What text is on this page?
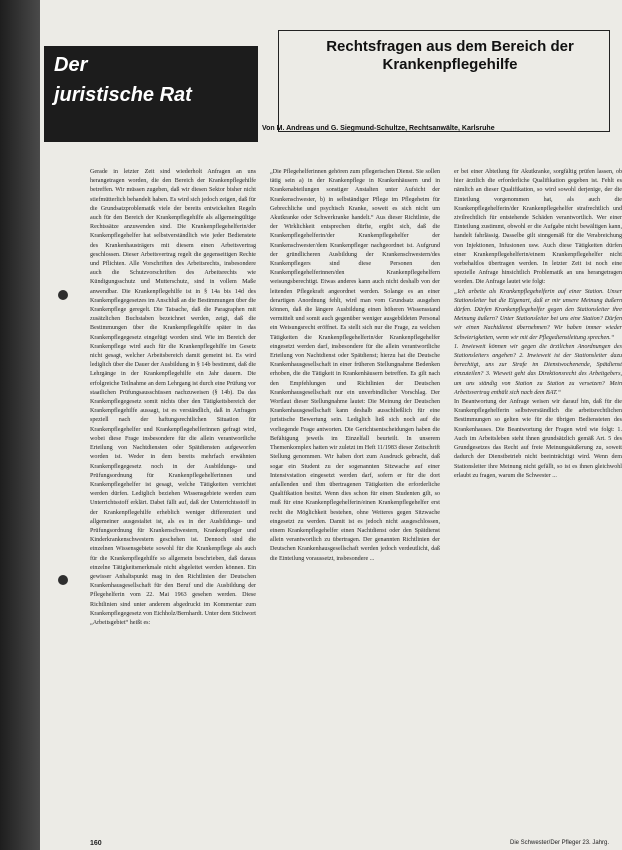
Der
juristische Rat
Rechtsfragen aus dem Bereich der Krankenpflegehilfe
Von M. Andreas und G. Siegmund-Schultze, Rechtsanwälte, Karlsruhe

Gerade in letzter Zeit sind wiederholt Anfragen an uns herangetragen worden, die den Bereich der Krankenpflegehilfe betreffen. Wir müssen zugeben, daß wir diesen Sektor bisher nicht stiefmütterlich behandelt haben. Es wird sich jedoch zeigen, daß für die Grundsatzproblematik viele der bereits entwickelten Regeln auch für den Bereich der Krankenpflegehilfe als allgemeingültige Rechtssätze anzuwenden sind. Die Krankenpflegehelferin/der Krankenpflegehelfer hat selbstverständlich wie jeder Bedienstete des Krankenhausträgers mit diesem einen Arbeitsvertrag geschlossen. Dieser Arbeitsvertrag regelt die gegenseitigen Rechte und Pflichten. Alle Vorschriften des Arbeitsrechts, insbesondere auch die Schutzvorschriften des Arbeitsrechts wie Kündigungsschutz und Mutterschutz, sind in vollem Maße anwendbar. Die Krankenpflegehilfe ist in § 14a bis 14d des Krankenpflegegesetzes im Anschluß an die Bestimmungen über die Krankenpflege geregelt. Die Tatsache, daß die Paragraphen mit zusätzlichen Buchstaben bezeichnet werden, zeigt, daß die Bestimmungen über die Krankenpflegehilfe später in das Krankenpflegegesetz eingefügt worden sind. Wie im Bereich der Krankenpflege wird auch für die Krankenpflegehilfe im Gesetz nicht gesagt, welcher Arbeitsbereich damit gemeint ist. Es wird lediglich über die Dauer der Ausbildung in § 14b bestimmt, daß die Lehrgänge in der Krankenpflegehilfe ein Jahr dauern. Die erfolgreiche Teilnahme an dem Lehrgang ist durch eine Prüfung vor staatlichen Prüfungsausschüssen nachzuweisen (§ 14b). Da das Krankenpflegegesetz somit nichts über den Tätigkeitsbereich der Krankenpflegehilfe aussagt, ist es verständlich, daß in Anfragen speziell nach der haftungsrechtlichen Situation für Krankenpflegehelfer und Krankenpflegehelferinnen gefragt wird, wobei diese Frage insbesondere für die allein verantwortliche Erteilung von Nachtdiensten oder Spätdiensten aufgeworfen worden ist. Weder in dem bereits mehrfach erwähnten Krankenpflegegesetz noch in der Ausbildungs- und Prüfungsordnung für Krankenpflegehelferinnen und Krankenpflegehelfer ist gesagt, welche Tätigkeiten verrichtet werden dürfen. Lediglich beziehen Wissensgebiete werden zum Unterrichtsstoff erklärt. Dabei fällt auf, daß der Unterrichtsstoff in der Krankenpflegehilfe erheblich weniger differenziert und allgemeiner ausgestaltet ist, als es in der Ausbildungs- und Prüfungsordnung für Krankenschwestern, Krankenpfleger und Kinderkrankenschwestern geschehen ist. Dennoch sind die einzelnen Wissensgebiete sowohl für die Krankenpflege als auch für die Krankenpflegehilfe so allgemein beschrieben, daß daraus einzelne Tätigkeitsmerkmale nicht abgeleitet werden können. Ein gewisser Anhaltspunkt mag in den Richtlinien der Deutschen Krankenhausgesellschaft für den Beruf und die Ausbildung der Pflegehelferin vom 22. Mai 1963 gesehen werden. Diese Richtlinien sind unter anderem abgedruckt im Kommentar zum Krankenpflegegesetz von Eichholz/Bernhardt. Unter dem Stichwort „Arbeitsgebiet“ heißt es:

„Die Pflegehelferinnen gehören zum pflegerischen Dienst. Sie sollen tätig sein a) in der Krankenpflege in Krankenhäusern und in Krankenabteilungen sonstiger Anstalten unter Aufsicht der Krankenschwester, b) in selbständiger Pflege im Pflegeheim für Gebrechliche und psychisch Kranke, soweit es sich nicht um Akutkranke oder Schwerkranke handelt.“ Aus dieser Richtlinie, die der Wirklichkeit entsprechen dürfte, ergibt sich, daß die Krankenpflegehelferin/der Krankenpflegehelfer der Krankenschwester/dem Krankenpfleger nachgeordnet ist. Aufgrund der gründlicheren Ausbildung der Krankenschwestern/des Krankenpflegers sind diese Personen den Krankenpflegehelferinnen/den Krankenpflegehelfern weisungsberechtigt. Etwas anderes kann auch nicht deshalb von der leitenden Pflegekraft angeordnet werden. Solange es an einer derartigen Anordnung fehlt, wird man vom Grundsatz ausgehen können, daß die längere Ausbildung einen höheren Wissensstand vermittelt und somit auch gegenüber weniger ausgebildeten Personal ein Weisungsrecht eröffnet. Es stellt sich nur die Frage, zu welchen Tätigkeiten die Krankenpflegehelferin/der Krankenpflegehelfer eingesetzt werden darf, insbesondere für die allein verantwortliche Erteilung von Nachtdienst oder Spätdienst; hierzu hat die Deutsche Krankenhausgesellschaft in einer früheren Stellungnahme Bedenken erhoben, die die Tätigkeit in Krankenhäusern betreffen. Es gilt nach den Empfehlungen und Richtlinien der Deutschen Krankenhausgesellschaft nur ein unverbindlicher Vorschlag. Der Wortlaut dieser Stellungnahme lautet: Die Meinung der Deutschen Krankenhausgesellschaft kann deshalb ausschließlich für eine juristische Bewertung sein. Lediglich ließ sich noch auf die vorliegende Frage antworten. Die Gerichtsentscheidungen haben die Befähigung jeweils im Einzelfall beurteilt. In unserem Themenkomplex hatten wir zuletzt im Heft 11/1983 dieser Zeitschrift Stellung genommen. Wir haben dort zum Ausdruck gebracht, daß sogar ein Student zu der sogenannten Sitzwache auf einer Intensivstation eingesetzt werden darf, sofern er für die dort anfallenden und ihm übertragenen Tätigkeiten die erforderliche Qualifikation besitzt. Wenn dies schon für einen Studenten gilt, so muß für eine Krankenpflegehelferin/einen Krankenpflegehelfer erst recht die Möglichkeit bestehen, ohne Weiteres gegen Sitzwache eingesetzt zu werden. Damit ist es jedoch nicht ausgeschlossen, einem Krankenpflegehelfer einen Nachtdienst oder den Spätdienst allein verantwortlich zu übertragen. Der genannten Richtlinien der Deutschen Krankenhausgesellschaft werden jedoch verdeutlicht, daß die Einteilung voraussetzt, insbesondere ...

er bei einer Abteilung für Akutkranke, sorgfältig prüfen lassen, ob hier ärztlich die erforderliche Qualifikation gegeben ist. Fehlt es nämlich an dieser Qualifikation, so wird sowohl derjenige, der die Einteilung vorgenommen hat, als auch die Krankenpflegehelferin/der Krankenpflegehelfer strafrechtlich und zivilrechtlich für entstehende Schäden verantwortlich. Wer einer Einteilung zustimmt, obwohl er die Aufgabe nicht bewältigen kann, handelt fahrlässig. Dasselbe gilt sinngemäß für die Verabreichung von Injektionen, Infusionen usw. Auch diese Tätigkeiten dürfen einer Krankenpflegehelferin/einem Krankenpflegehelfer nicht vorbehaltlos übertragen werden. In letzter Zeit ist noch eine spezielle Anfrage hinsichtlich Problematik an uns herangetragen worden. Die Anfrage lautet wie folgt:

„Ich arbeite als Krankenpflegehelferin auf einer Station. Unser Stationsleiter hat die Eigenart, daß er mir unsere Meinung äußern dürfen. Dürfen Krankenpflegehelfer gegen den Stationsleiter ihre Meinung äußern? Unter Stationsleiter bei uns eine Station? Dürfen wir einen Nachtdienst übernehmen? Wir haben immer wieder Schwierigkeiten, wenn wir mit der Pflegedienstleitung sprechen.“

1. Inwieweit können wir gegen die ärztlichen Anordnungen des Stationsleiters angehen? 2. Inwieweit ist der Stationsleiter dazu berechtigt, uns zur Strafe im Dienstwochenende, Spätdienst einzuteilen? 3. Wieweit geht das Direktionsrecht des Arbeitgebers, um uns ständig von Station zu Station zu versetzen? Mein Arbeitsvertrag enthält sich nach dem BAT.“

In Beantwortung der Anfrage weisen wir darauf hin, daß für die Krankenpflegehelferin selbstverständlich die arbeitsrechtlichen Bestimmungen so gelten wie für die übrigen Bediensteten des Krankenhauses. Die Beantwortung der Fragen wird wie folgt: 1. Auch im Arbeitsleben steht ihnen grundsätzlich gemäß Art. 5 des Grundgesetzes das Recht auf freie Meinungsäußerung zu, soweit dadurch der Dienstbetrieb nicht beeinträchtigt wird. Wenn dem Stationsleiter ihre Meinung nicht gefällt, so ist es ihnen gleichwohl erlaubt zu fragen, warum die Schwester ...

160	Die Schwester/Der Pfleger 23. Jahrg.
